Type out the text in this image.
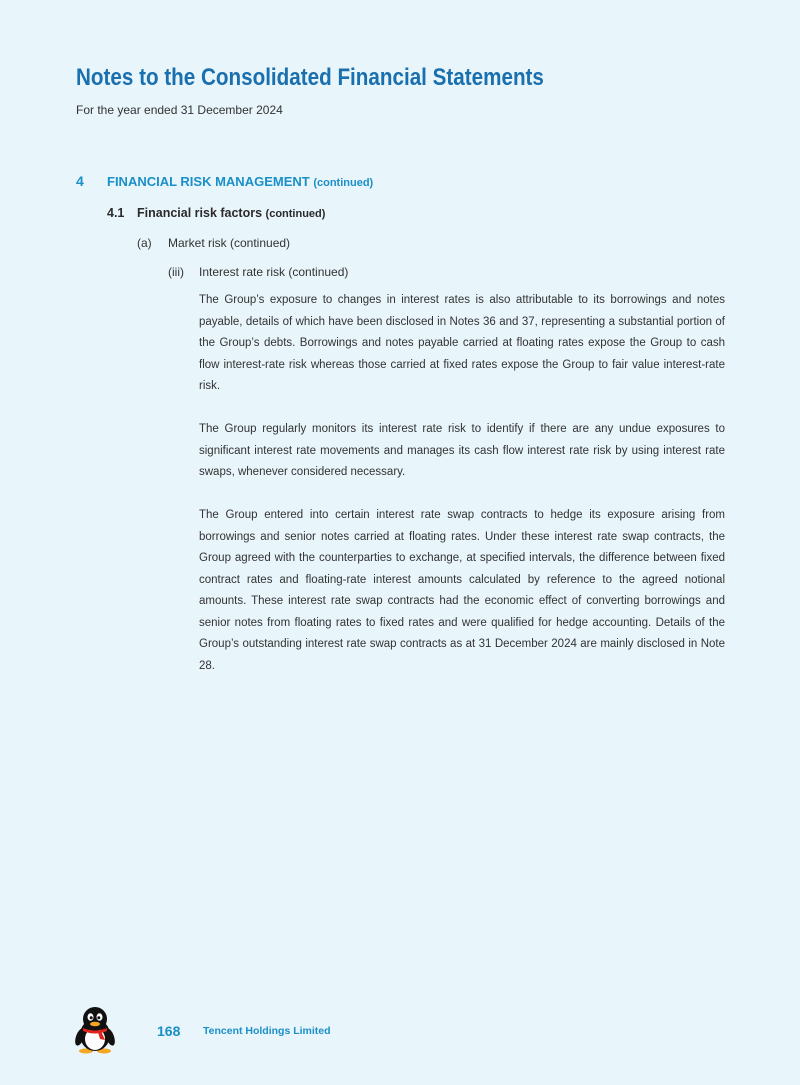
Notes to the Consolidated Financial Statements
For the year ended 31 December 2024
4 FINANCIAL RISK MANAGEMENT (continued)
4.1 Financial risk factors (continued)
(a) Market risk (continued)
(iii) Interest rate risk (continued)

The Group’s exposure to changes in interest rates is also attributable to its borrowings and notes payable, details of which have been disclosed in Notes 36 and 37, representing a substantial portion of the Group’s debts. Borrowings and notes payable carried at floating rates expose the Group to cash flow interest-rate risk whereas those carried at fixed rates expose the Group to fair value interest-rate risk.

The Group regularly monitors its interest rate risk to identify if there are any undue exposures to significant interest rate movements and manages its cash flow interest rate risk by using interest rate swaps, whenever considered necessary.

The Group entered into certain interest rate swap contracts to hedge its exposure arising from borrowings and senior notes carried at floating rates. Under these interest rate swap contracts, the Group agreed with the counterparties to exchange, at specified intervals, the difference between fixed contract rates and floating-rate interest amounts calculated by reference to the agreed notional amounts. These interest rate swap contracts had the economic effect of converting borrowings and senior notes from floating rates to fixed rates and were qualified for hedge accounting. Details of the Group’s outstanding interest rate swap contracts as at 31 December 2024 are mainly disclosed in Note 28.

168 Tencent Holdings Limited
